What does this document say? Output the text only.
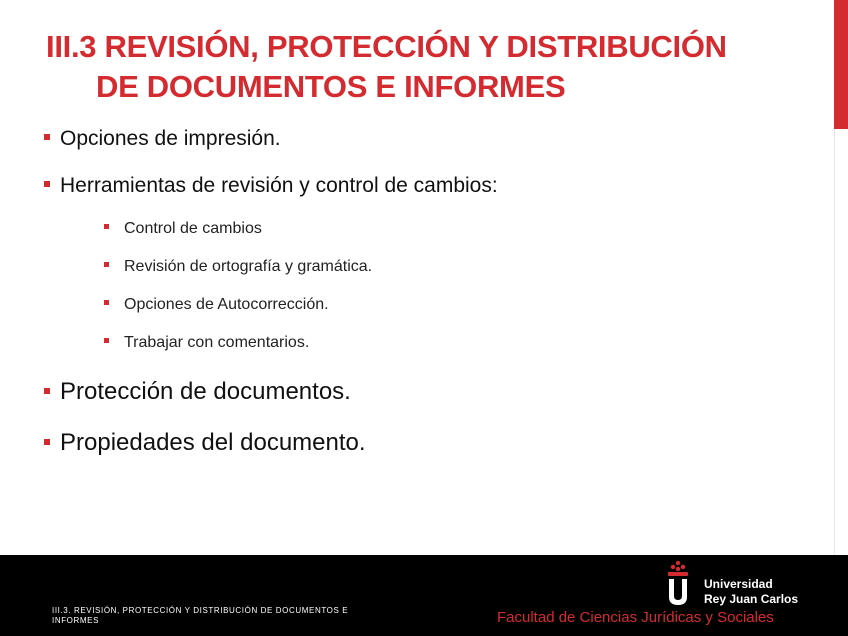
III.3 REVISIÓN, PROTECCIÓN Y DISTRIBUCIÓN
DE DOCUMENTOS E INFORMES
Opciones de impresión.
Herramientas de revisión y control de cambios:
Control de cambios
Revisión de ortografía y gramática.
Opciones de Autocorrección.
Trabajar con comentarios.
Protección de documentos.
Propiedades del documento.
III.3. REVISIÓN, PROTECCIÓN Y DISTRIBUCIÓN DE DOCUMENTOS E INFORMES	Facultad de Ciencias Jurídicas y Sociales
Universidad
Rey Juan Carlos
